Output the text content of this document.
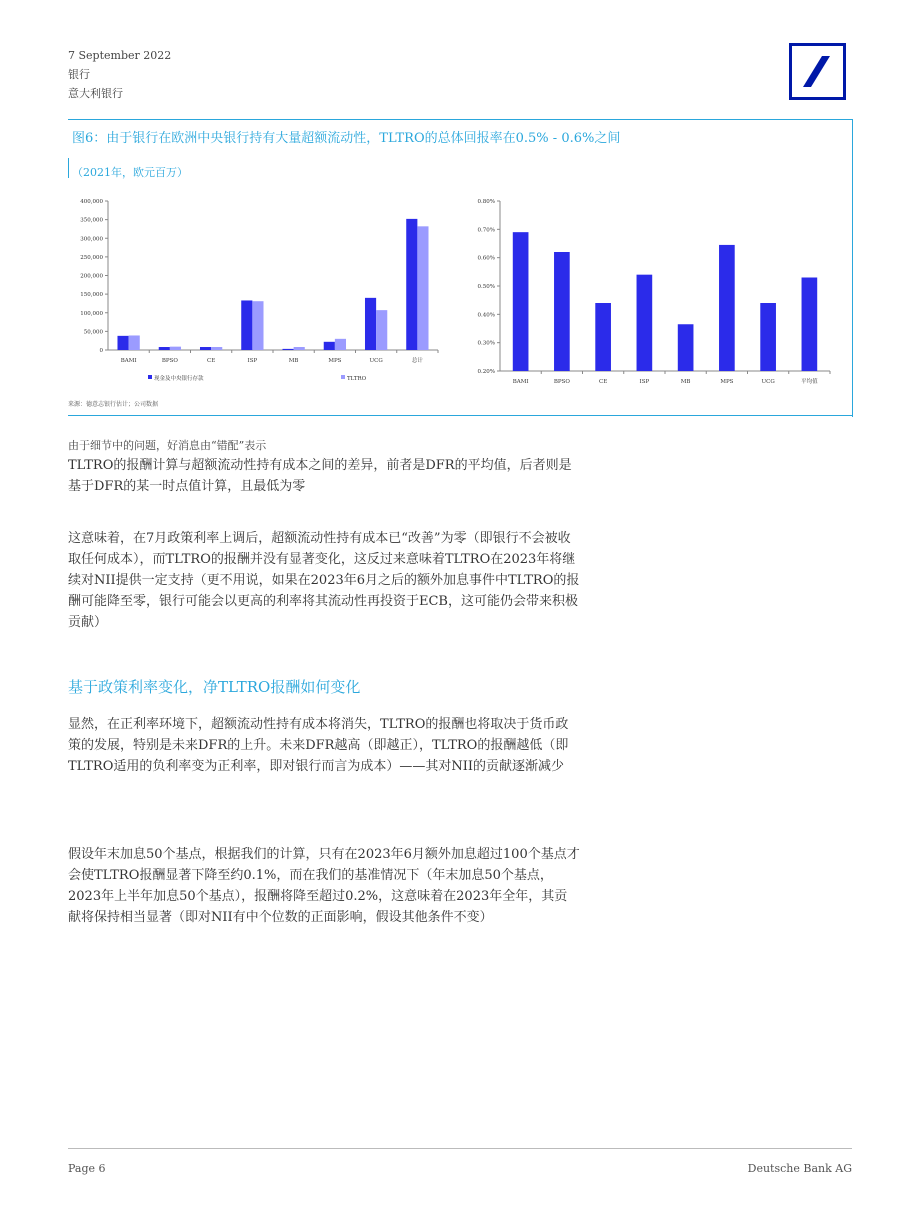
7 September 2022
银行
意大利银行
图6：由于银行在欧洲中央银行持有大量超额流动性，TLTRO的总体回报率在0.5% - 0.6%之间
（2021年，欧元百万）
0
50,000
100,000
150,000
200,000
250,000
300,000
350,000
400,000
BAMI	BPSO	CE	ISP	MB	MPS	UCG	总计
现金及中央银行存款	TLTRO
0.20%
0.30%
0.40%
0.50%
0.60%
0.70%
0.80%
BAMI	BPSO	CE	ISP	MB	MPS	UCG	平均值
来源：德意志银行估计；公司数据
由于细节中的问题，好消息由“错配”表示
TLTRO的报酬计算与超额流动性持有成本之间的差异，前者是DFR的平均值，后者则是基于DFR的某一时点值计算，且最低为零
这意味着，在7月政策利率上调后，超额流动性持有成本已“改善”为零（即银行不会被收取任何成本），而TLTRO的报酬并没有显著变化，这反过来意味着TLTRO在2023年将继续对NII提供一定支持（更不用说，如果在2023年6月之后的额外加息事件中TLTRO的报酬可能降至零，银行可能会以更高的利率将其流动性再投资于ECB，这可能仍会带来积极贡献）
基于政策利率变化，净TLTRO报酬如何变化
显然，在正利率环境下，超额流动性持有成本将消失，TLTRO的报酬也将取决于货币政策的发展，特别是未来DFR的上升。未来DFR越高（即越正），TLTRO的报酬越低（即TLTRO适用的负利率变为正利率，即对银行而言为成本）——其对NII的贡献逐渐减少
假设年末加息50个基点，根据我们的计算，只有在2023年6月额外加息超过100个基点才会使TLTRO报酬显著下降至约0.1%，而在我们的基准情况下（年末加息50个基点，2023年上半年加息50个基点），报酬将降至超过0.2%，这意味着在2023年全年，其贡献将保持相当显著（即对NII有中个位数的正面影响，假设其他条件不变）
Page 6	Deutsche Bank AG
